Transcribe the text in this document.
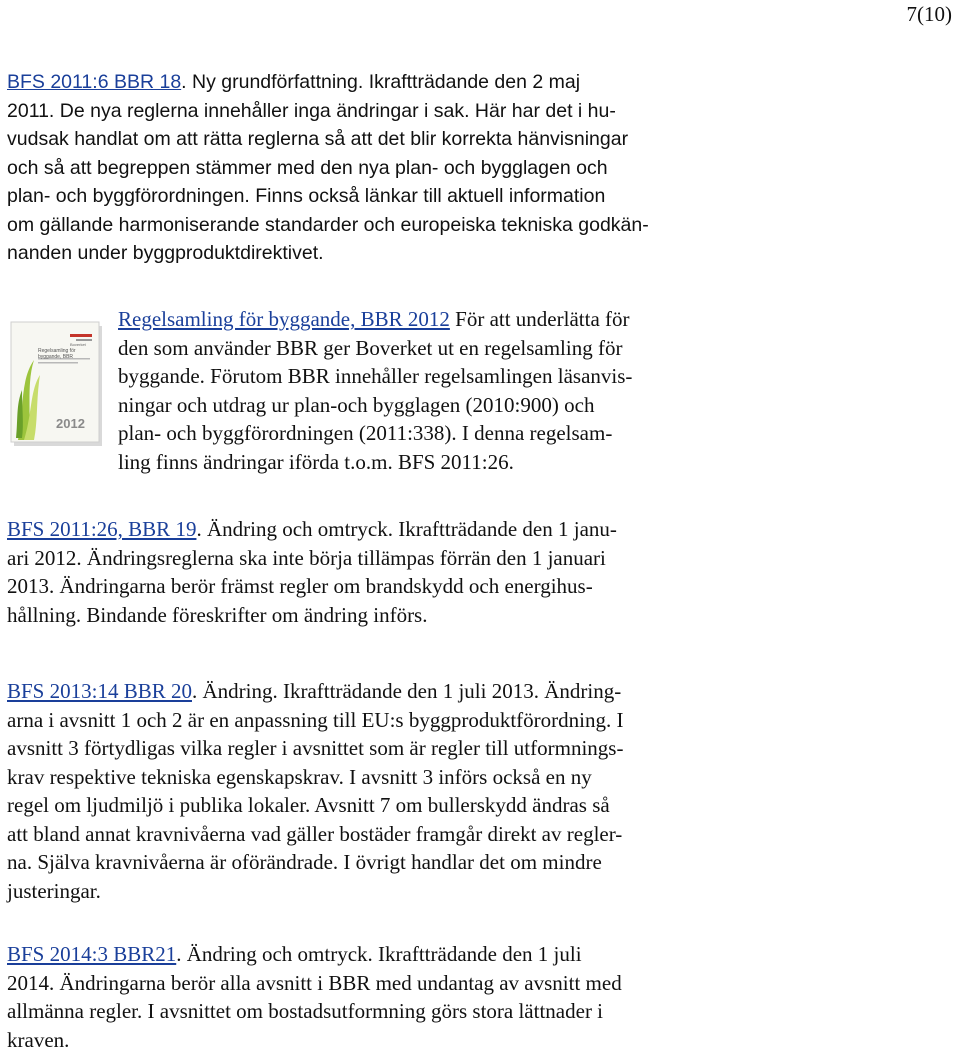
7(10)
BFS 2011:6 BBR 18. Ny grundförfattning. Ikraftträdande den 2 maj
2011. De nya reglerna innehåller inga ändringar i sak. Här har det i hu-
vudsak handlat om att rätta reglerna så att det blir korrekta hänvisningar
och så att begreppen stämmer med den nya plan- och bygglagen och
plan- och byggförordningen. Finns också länkar till aktuell information
om gällande harmoniserande standarder och europeiska tekniska godkän-
nanden under byggproduktdirektivet.
Boverket
Regelsamling för
byggande, BBR
2012
Regelsamling för byggande, BBR 2012 För att underlätta för
den som använder BBR ger Boverket ut en regelsamling för
byggande. Förutom BBR innehåller regelsamlingen läsanvis-
ningar och utdrag ur plan-och bygglagen (2010:900) och
plan- och byggförordningen (2011:338). I denna regelsam-
ling finns ändringar iförda t.o.m. BFS 2011:26.
BFS 2011:26, BBR 19. Ändring och omtryck. Ikraftträdande den 1 janu-
ari 2012. Ändringsreglerna ska inte börja tillämpas förrän den 1 januari
2013. Ändringarna berör främst regler om brandskydd och energihus-
hållning. Bindande föreskrifter om ändring införs.
BFS 2013:14 BBR 20. Ändring. Ikraftträdande den 1 juli 2013. Ändring-
arna i avsnitt 1 och 2 är en anpassning till EU:s byggproduktförordning. I
avsnitt 3 förtydligas vilka regler i avsnittet som är regler till utformnings-
krav respektive tekniska egenskapskrav. I avsnitt 3 införs också en ny
regel om ljudmiljö i publika lokaler. Avsnitt 7 om bullerskydd ändras så
att bland annat kravnivåerna vad gäller bostäder framgår direkt av regler-
na. Själva kravnivåerna är oförändrade. I övrigt handlar det om mindre
justeringar.
BFS 2014:3 BBR21. Ändring och omtryck. Ikraftträdande den 1 juli
2014. Ändringarna berör alla avsnitt i BBR med undantag av avsnitt med
allmänna regler. I avsnittet om bostadsutformning görs stora lättnader i
kraven.
